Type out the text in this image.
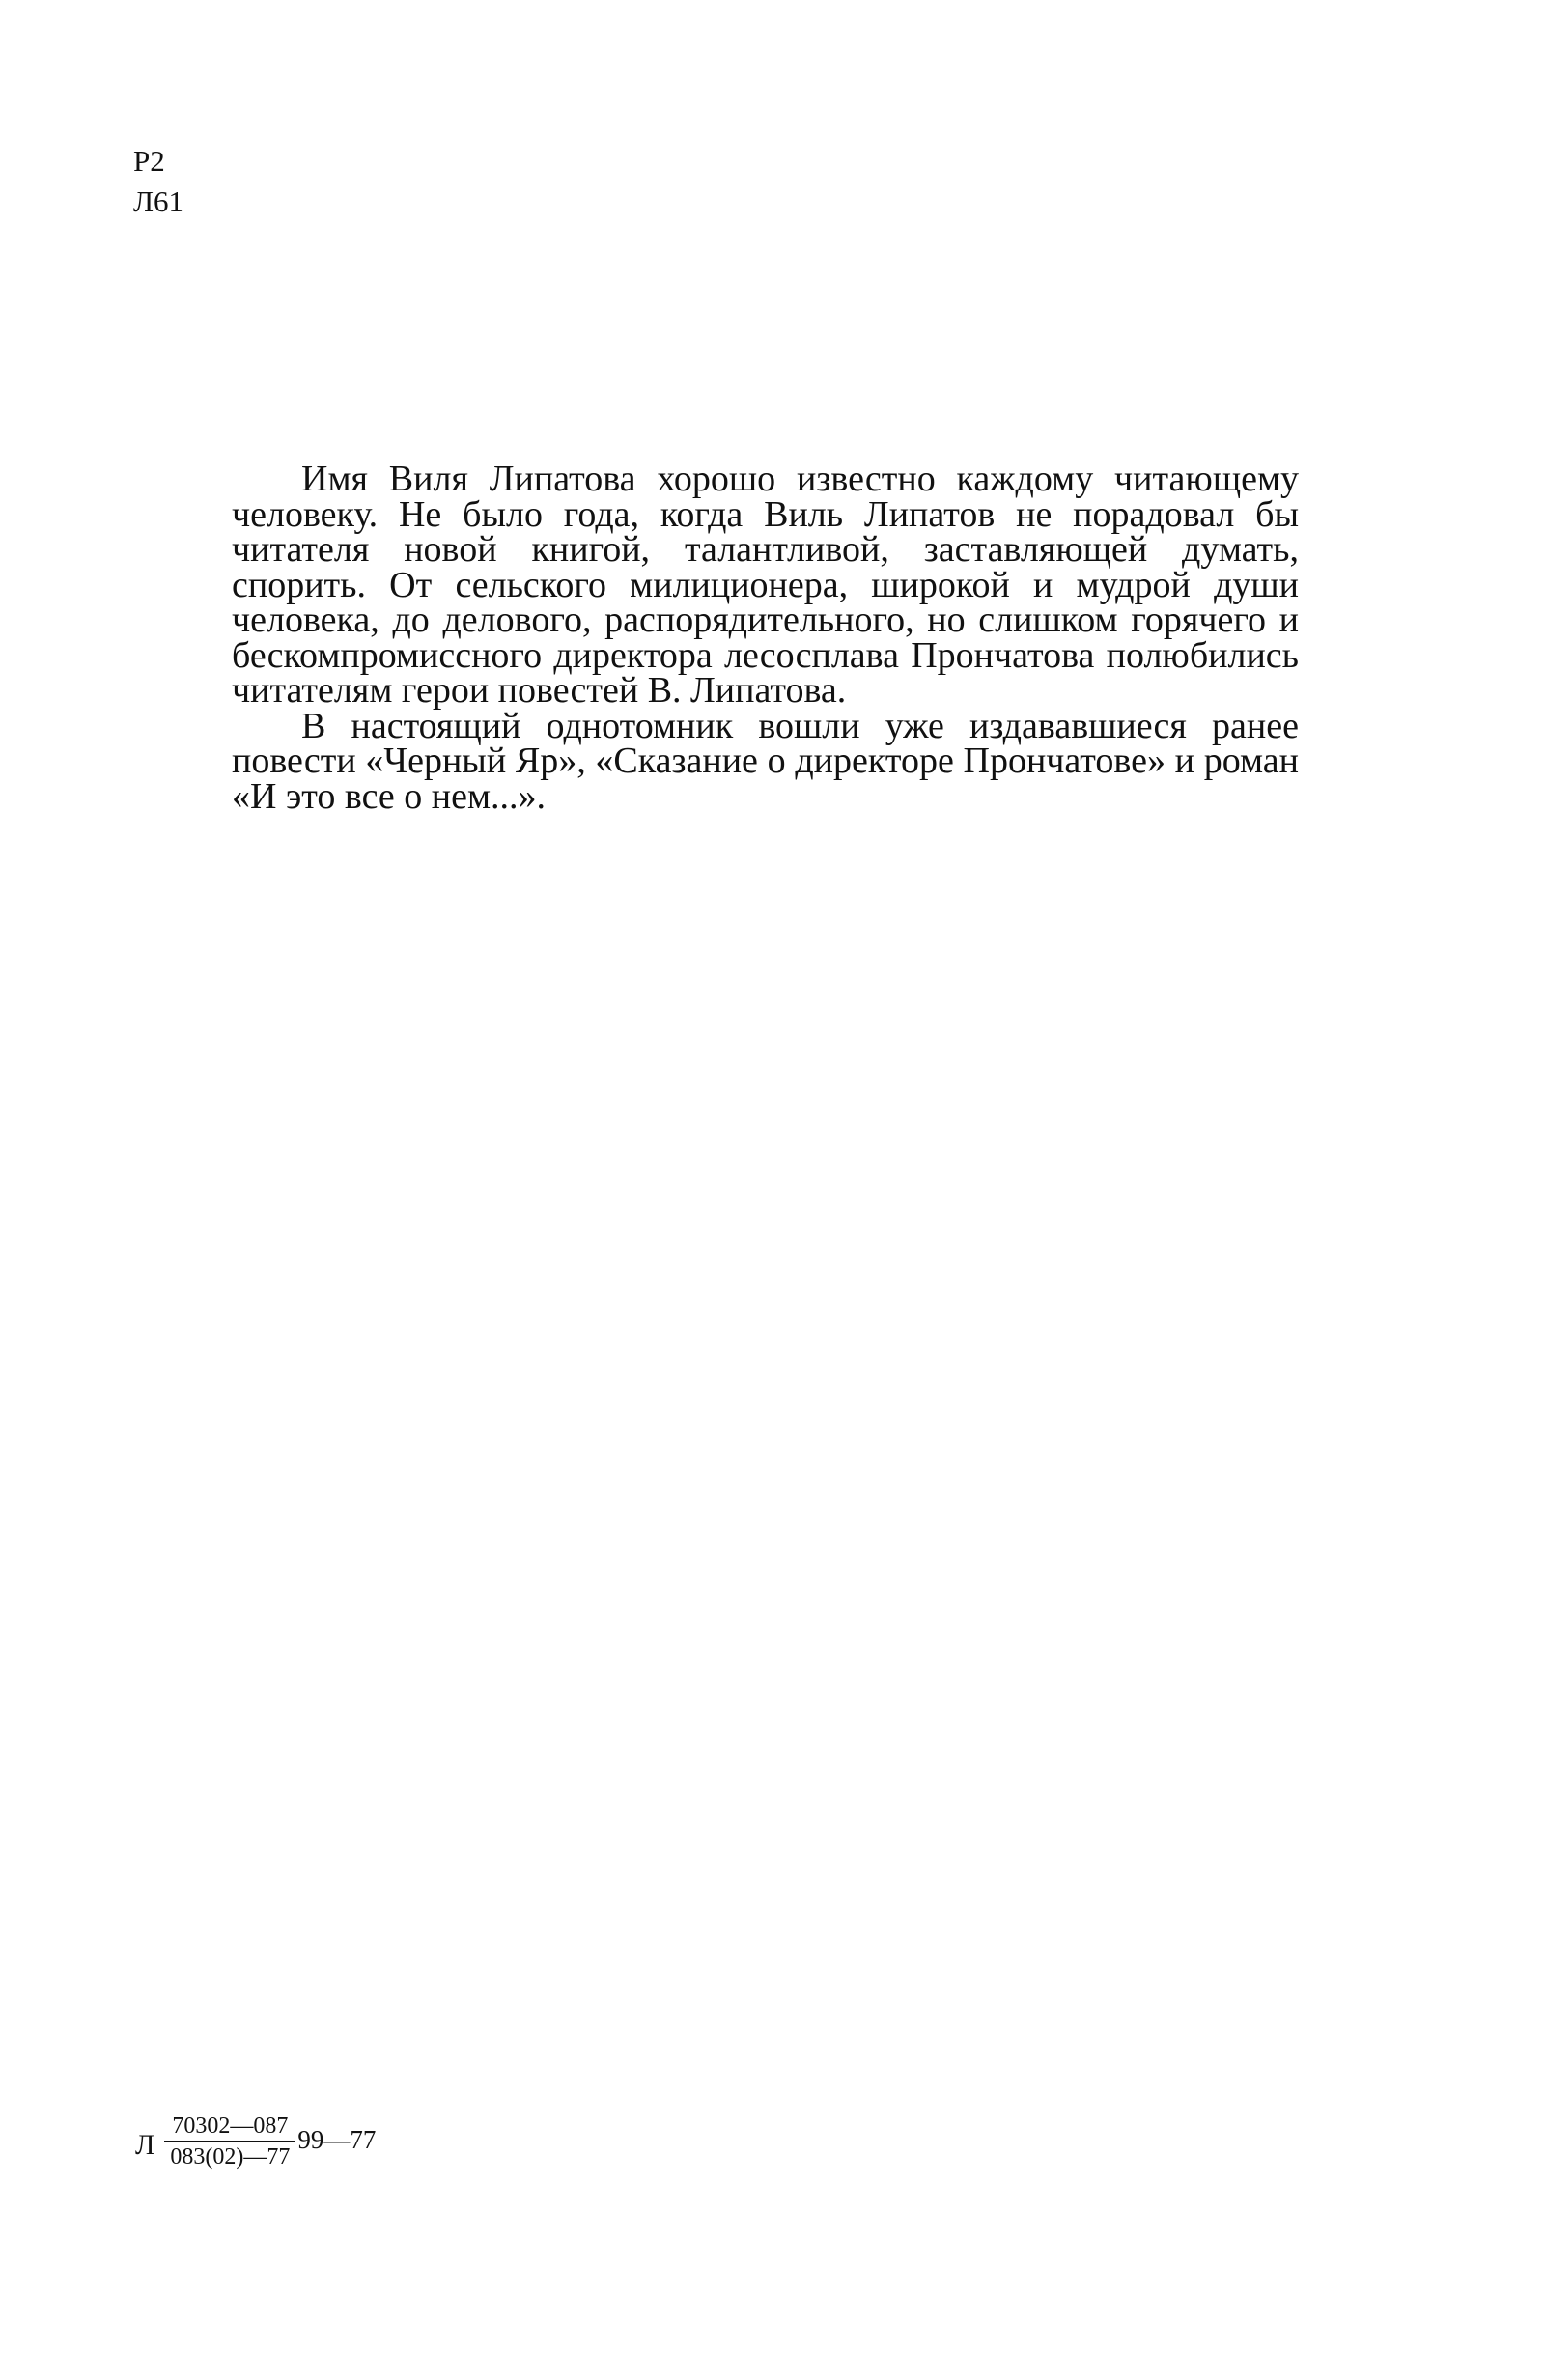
Р2
Л61

Имя Виля Липатова хорошо известно каждому читающему человеку. Не было года, когда Виль Липатов не порадовал бы читателя новой книгой, талантливой, заставляющей думать, спорить. От сельского милиционера, широкой и мудрой души человека, до делового, распорядительного, но слишком горячего и бескомпромиссного директора лесосплава Прончатова полюбились читателям герои повестей В. Липатова.

В настоящий однотомник вошли уже издававшиеся ранее повести «Черный Яр», «Сказание о директоре Прончатове» и роман «И это все о нем...».

Л $\frac{70302—087}{083(02)—77}$ 99—77
